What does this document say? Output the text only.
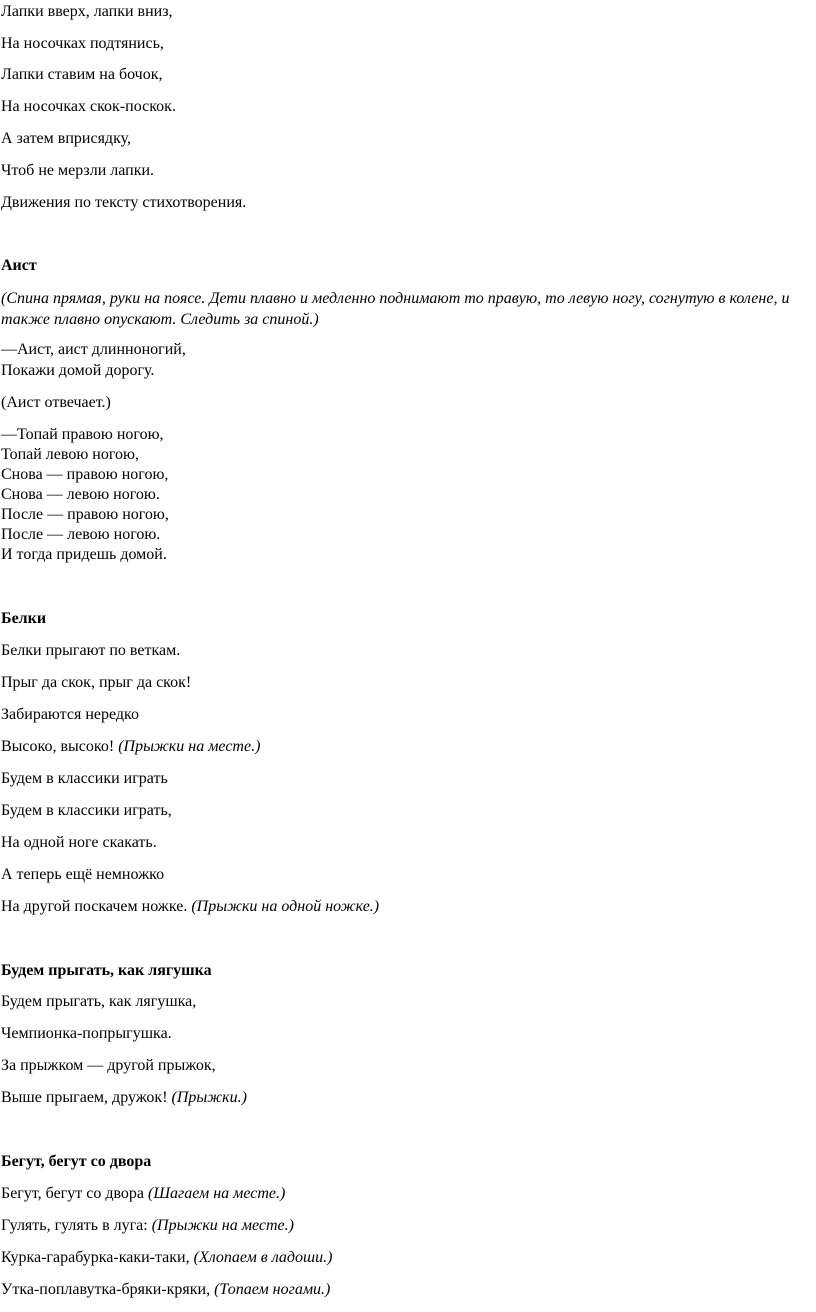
Лапки вверх, лапки вниз,
На носочках подтянись,
Лапки ставим на бочок,
На носочках скок-поскок.
А затем вприсядку,
Чтоб не мерзли лапки.
Движения по тексту стихотворения.
Аист
(Спина прямая, руки на поясе. Дети плавно и медленно поднимают то правую, то левую ногу, согнутую в колене, и также плавно опускают. Следить за спиной.)
—Аист, аист длинноногий,
Покажи домой дорогу.
(Аист отвечает.)
—Топай правою ногою,
Топай левою ногою,
Снова — правою ногою,
Снова — левою ногою.
После — правою ногою,
После — левою ногою.
И тогда придешь домой.
Белки
Белки прыгают по веткам.
Прыг да скок, прыг да скок!
Забираются нередко
Высоко, высоко! (Прыжки на месте.)
Будем в классики играть
Будем в классики играть,
На одной ноге скакать.
А теперь ещё немножко
На другой поскачем ножке. (Прыжки на одной ножке.)
Будем прыгать, как лягушка
Будем прыгать, как лягушка,
Чемпионка-попрыгушка.
За прыжком — другой прыжок,
Выше прыгаем, дружок! (Прыжки.)
Бегут, бегут со двора
Бегут, бегут со двора (Шагаем на месте.)
Гулять, гулять в луга: (Прыжки на месте.)
Курка-гарабурка-каки-таки, (Хлопаем в ладоши.)
Утка-поплавутка-бряки-кряки, (Топаем ногами.)
